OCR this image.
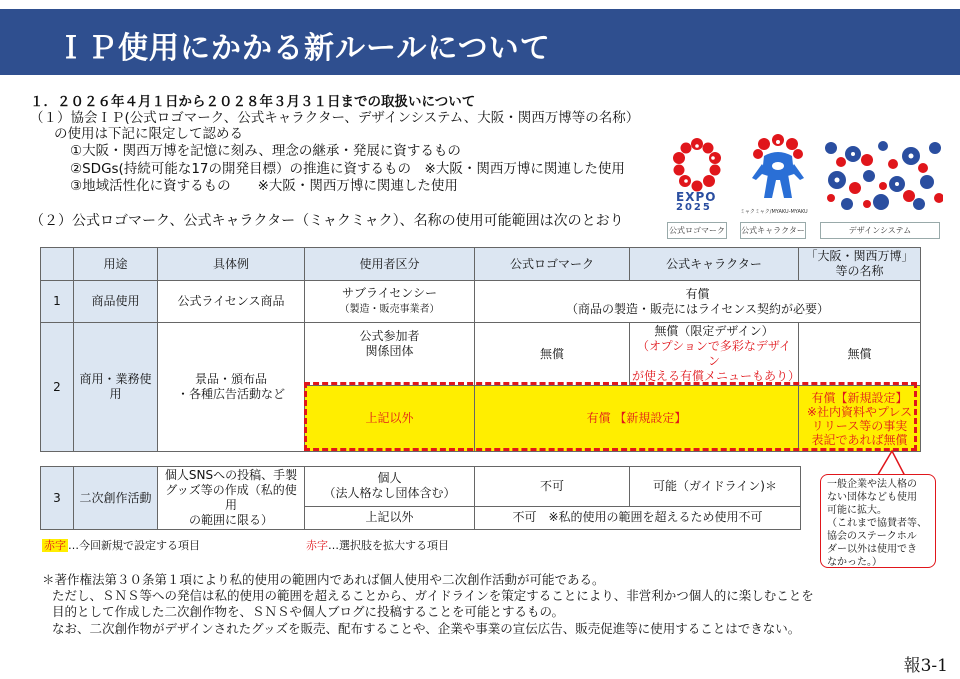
ＩＰ使用にかかる新ルールについて
１．２０２６年４月１日から２０２８年３月３１日までの取扱いについて
（１）協会ＩＰ(公式ロゴマーク、公式キャラクター、デザインシステム、大阪・関西万博等の名称）
の使用は下記に限定して認める
①大阪・関西万博を記憶に刻み、理念の継承・発展に資するもの
②SDGs(持続可能な17の開発目標）の推進に資するもの　※大阪・関西万博に関連した使用
③地域活性化に資するもの　　※大阪・関西万博に関連した使用
（２）公式ロゴマーク、公式キャラクター（ミャクミャク）、名称の使用可能範囲は次のとおり
EXPO
2025
公式ロゴマーク
ミャクミャク/MYAKU-MYAKU
公式キャラクター	デザインシステム
	用途	具体例	使用者区分	公式ロゴマーク	公式キャラクター	「大阪・関西万博」
等の名称
1	商品使用	公式ライセンス商品	サブライセンシー
（製造・販売事業者）	有償
（商品の製造・販売にはライセンス契約が必要）		
2	商用・業務使用	景品・頒布品
・各種広告活動など	公式参加者
関係団体	無償	無償（限定デザイン）
（オプションで多彩なデザイン
が使える有償メニューもあり）	無償
			上記以外	有償 【新規設定】		有償【新規設定】
※社内資料やプレス
リリース等の事実
表記であれば無償
3	二次創作活動	個人SNSへの投稿、手製
グッズ等の作成（私的使用
の範囲に限る）	個人
（法人格なし団体含む）	不可	可能（ガイドライン)＊
			上記以外	不可　※私的使用の範囲を超えるため使用不可	
一般企業や法人格の
ない団体なども使用
可能に拡大。
（これまで協賛者等、
協会のステークホル
ダー以外は使用でき
なかった。）
赤字 …今回新規で設定する項目	赤字…選択肢を拡大する項目
＊著作権法第３０条第１項により私的使用の範囲内であれば個人使用や二次創作活動が可能である。
ただし、ＳＮＳ等への発信は私的使用の範囲を超えることから、ガイドラインを策定することにより、非営利かつ個人的に楽しむことを
目的として作成した二次創作物を、ＳＮＳや個人ブログに投稿することを可能とするもの。
なお、二次創作物がデザインされたグッズを販売、配布することや、企業や事業の宣伝広告、販売促進等に使用することはできない。
報3-1
